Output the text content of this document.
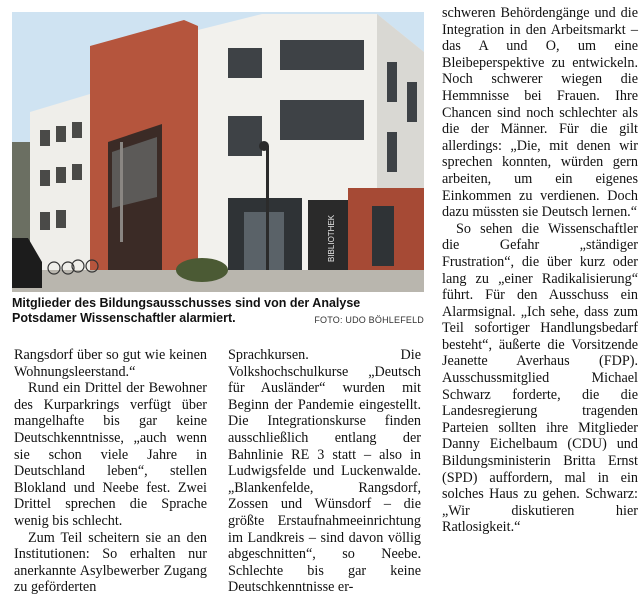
BIBLIOTHEK
Mitglieder des Bildungsausschusses sind von der Analyse Potsdamer Wissenschaftler alarmiert.	FOTO: UDO BÖHLEFELD

Rangsdorf über so gut wie keinen Wohnungsleerstand.“

Rund ein Drittel der Bewohner des Kurparkrings verfügt über mangelhafte bis gar keine Deutschkenntnisse, „auch wenn sie schon viele Jahre in Deutschland leben“, stellen Blokland und Neebe fest. Zwei Drittel sprechen die Sprache wenig bis schlecht.

Zum Teil scheitern sie an den Institutionen: So erhalten nur anerkannte Asylbewerber Zugang zu geförderten

Sprachkursen. Die Volkshochschulkurse „Deutsch für Ausländer“ wurden mit Beginn der Pandemie eingestellt. Die Integrationskurse finden ausschließlich entlang der Bahnlinie RE 3 statt – also in Ludwigsfelde und Luckenwalde. „Blankenfelde, Rangsdorf, Zossen und Wünsdorf – die größte Erstaufnahmeeinrichtung im Landkreis – sind davon völlig abgeschnitten“, so Neebe. Schlechte bis gar keine Deutschkenntnisse er-

schweren Behördengänge und die Integration in den Arbeitsmarkt – das A und O, um eine Bleibeperspektive zu entwickeln. Noch schwerer wiegen die Hemmnisse bei Frauen. Ihre Chancen sind noch schlechter als die der Männer. Für die gilt allerdings: „Die, mit denen wir sprechen konnten, würden gern arbeiten, um ein eigenes Einkommen zu verdienen. Doch dazu müssten sie Deutsch lernen.“

So sehen die Wissenschaftler die Gefahr „ständiger Frustration“, die über kurz oder lang zu „einer Radikalisierung“ führt. Für den Ausschuss ein Alarmsignal. „Ich sehe, dass zum Teil sofortiger Handlungsbedarf besteht“, äußerte die Vorsitzende Jeanette Averhaus (FDP). Ausschussmitglied Michael Schwarz forderte, die die Landesregierung tragenden Parteien sollten ihre Mitglieder Danny Eichelbaum (CDU) und Bildungsministerin Britta Ernst (SPD) auffordern, mal in ein solches Haus zu gehen. Schwarz: „Wir diskutieren hier Ratlosigkeit.“
